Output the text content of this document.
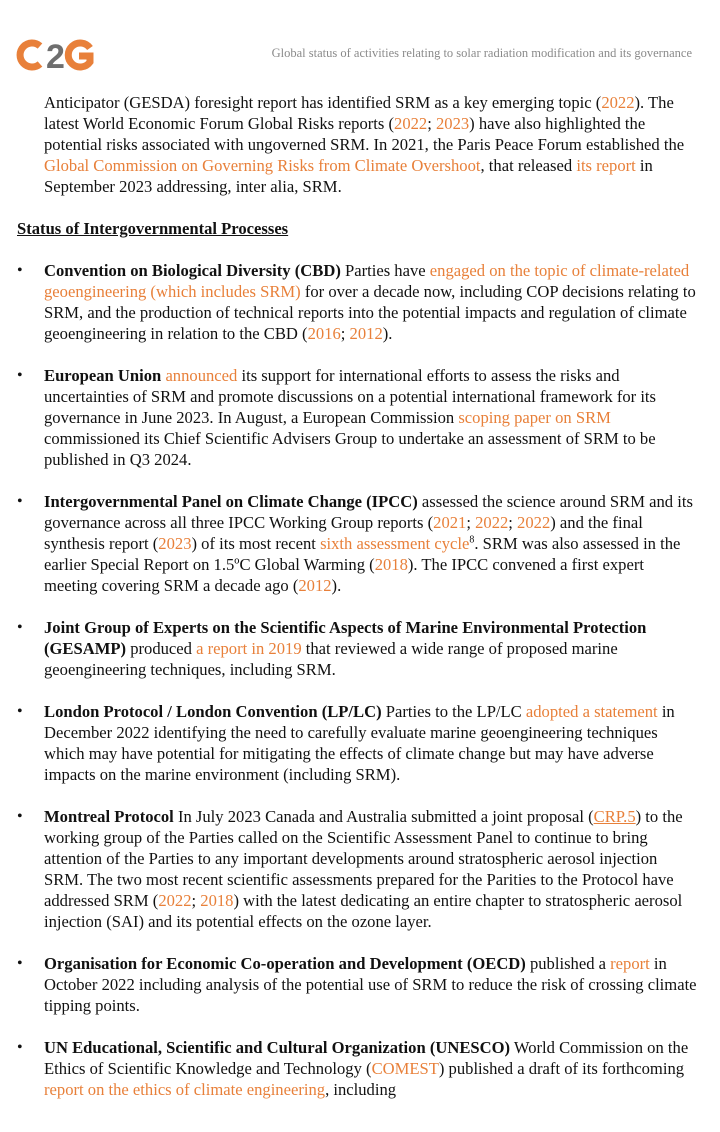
2	Global status of activities relating to solar radiation modification and its governance

Anticipator (GESDA) foresight report has identified SRM as a key emerging topic (2022). The latest World Economic Forum Global Risks reports (2022; 2023) have also highlighted the potential risks associated with ungoverned SRM. In 2021, the Paris Peace Forum established the Global Commission on Governing Risks from Climate Overshoot, that released its report in September 2023 addressing, inter alia, SRM.

Status of Intergovernmental Processes
• Convention on Biological Diversity (CBD) Parties have engaged on the topic of climate-related geoengineering (which includes SRM) for over a decade now, including COP decisions relating to SRM, and the production of technical reports into the potential impacts and regulation of climate geoengineering in relation to the CBD (2016; 2012).
• European Union announced its support for international efforts to assess the risks and uncertainties of SRM and promote discussions on a potential international framework for its governance in June 2023. In August, a European Commission scoping paper on SRM commissioned its Chief Scientific Advisers Group to undertake an assessment of SRM to be published in Q3 2024.
• Intergovernmental Panel on Climate Change (IPCC) assessed the science around SRM and its governance across all three IPCC Working Group reports (2021; 2022; 2022) and the final synthesis report (2023) of its most recent sixth assessment cycle$^8$. SRM was also assessed in the earlier Special Report on 1.5ºC Global Warming (2018). The IPCC convened a first expert meeting covering SRM a decade ago (2012).
• Joint Group of Experts on the Scientific Aspects of Marine Environmental Protection (GESAMP) produced a report in 2019 that reviewed a wide range of proposed marine geoengineering techniques, including SRM.
• London Protocol / London Convention (LP/LC) Parties to the LP/LC adopted a statement in December 2022 identifying the need to carefully evaluate marine geoengineering techniques which may have potential for mitigating the effects of climate change but may have adverse impacts on the marine environment (including SRM).
• Montreal Protocol In July 2023 Canada and Australia submitted a joint proposal (CRP.5) to the working group of the Parties called on the Scientific Assessment Panel to continue to bring attention of the Parties to any important developments around stratospheric aerosol injection SRM. The two most recent scientific assessments prepared for the Parities to the Protocol have addressed SRM (2022; 2018) with the latest dedicating an entire chapter to stratospheric aerosol injection (SAI) and its potential effects on the ozone layer.
• Organisation for Economic Co-operation and Development (OECD) published a report in October 2022 including analysis of the potential use of SRM to reduce the risk of crossing climate tipping points.
• UN Educational, Scientific and Cultural Organization (UNESCO) World Commission on the Ethics of Scientific Knowledge and Technology (COMEST) published a draft of its forthcoming report on the ethics of climate engineering, including
